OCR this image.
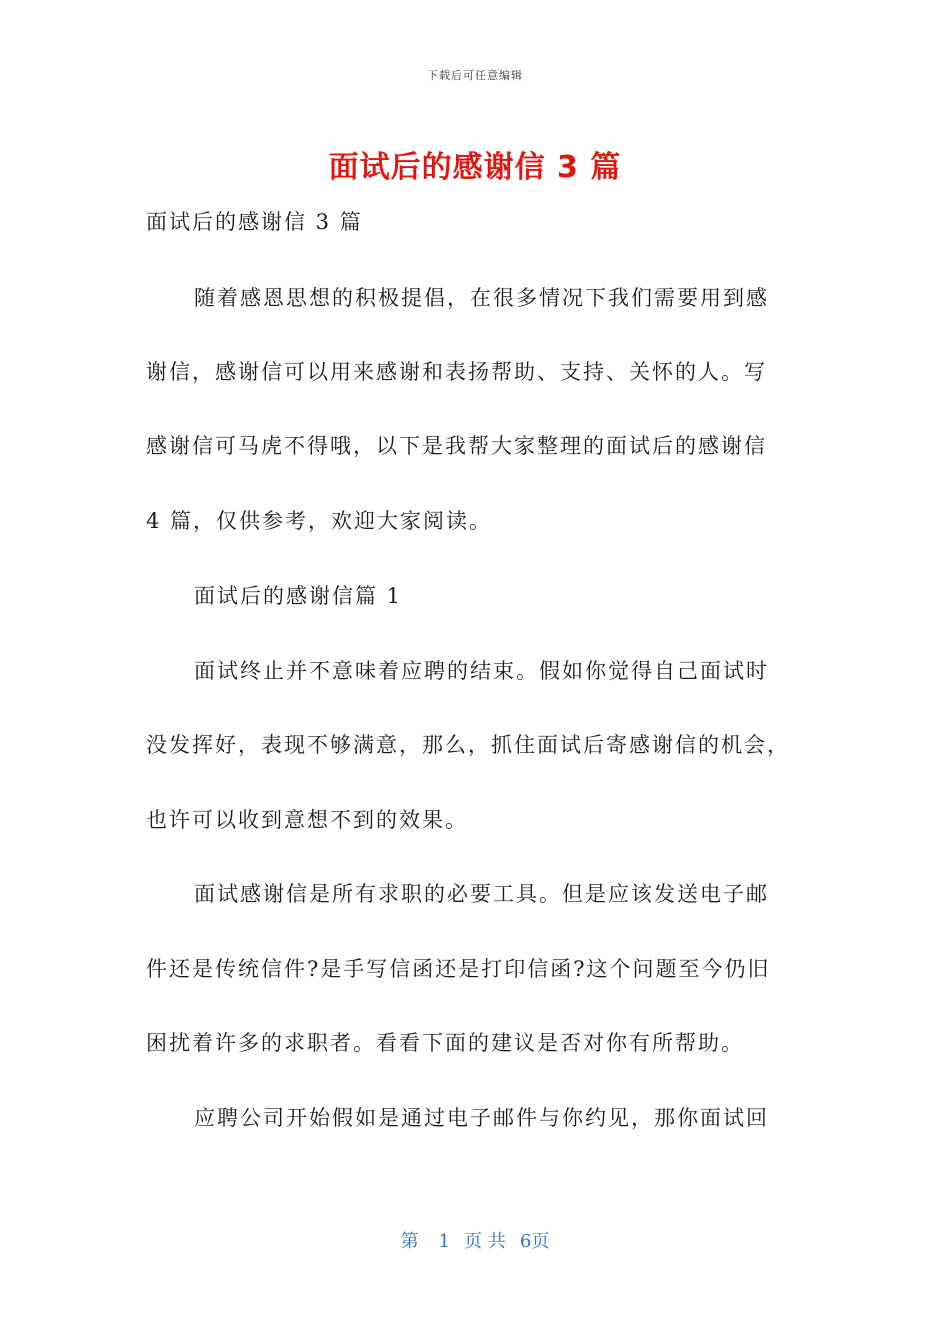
下载后可任意编辑
面试后的感谢信 3 篇

面试后的感谢信 3 篇

随着感恩思想的积极提倡，在很多情况下我们需要用到感

谢信，感谢信可以用来感谢和表扬帮助、支持、关怀的人。写

感谢信可马虎不得哦，以下是我帮大家整理的面试后的感谢信

4 篇，仅供参考，欢迎大家阅读。

面试后的感谢信篇 1

面试终止并不意味着应聘的结束。假如你觉得自己面试时

没发挥好，表现不够满意，那么，抓住面试后寄感谢信的机会，

也许可以收到意想不到的效果。

面试感谢信是所有求职的必要工具。但是应该发送电子邮

件还是传统信件?是手写信函还是打印信函?这个问题至今仍旧

困扰着许多的求职者。看看下面的建议是否对你有所帮助。

应聘公司开始假如是通过电子邮件与你约见，那你面试回

第 1 页 共 6页
